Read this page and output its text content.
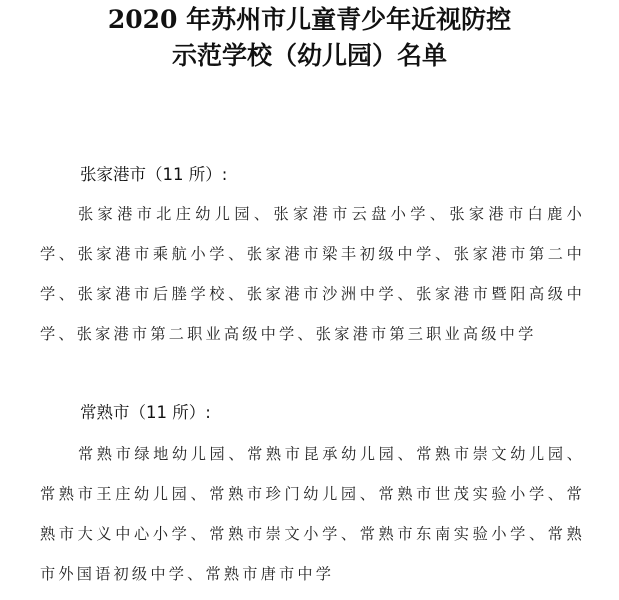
2020 年苏州市儿童青少年近视防控
示范学校（幼儿园）名单
张家港市（11 所）:

张家港市北庄幼儿园、张家港市云盘小学、张家港市白鹿小学、张家港市乘航小学、张家港市梁丰初级中学、张家港市第二中学、张家港市后塍学校、张家港市沙洲中学、张家港市暨阳高级中学、张家港市第二职业高级中学、张家港市第三职业高级中学

常熟市（11 所）:

常熟市绿地幼儿园、常熟市昆承幼儿园、常熟市崇文幼儿园、常熟市王庄幼儿园、常熟市珍门幼儿园、常熟市世茂实验小学、常熟市大义中心小学、常熟市崇文小学、常熟市东南实验小学、常熟市外国语初级中学、常熟市唐市中学
